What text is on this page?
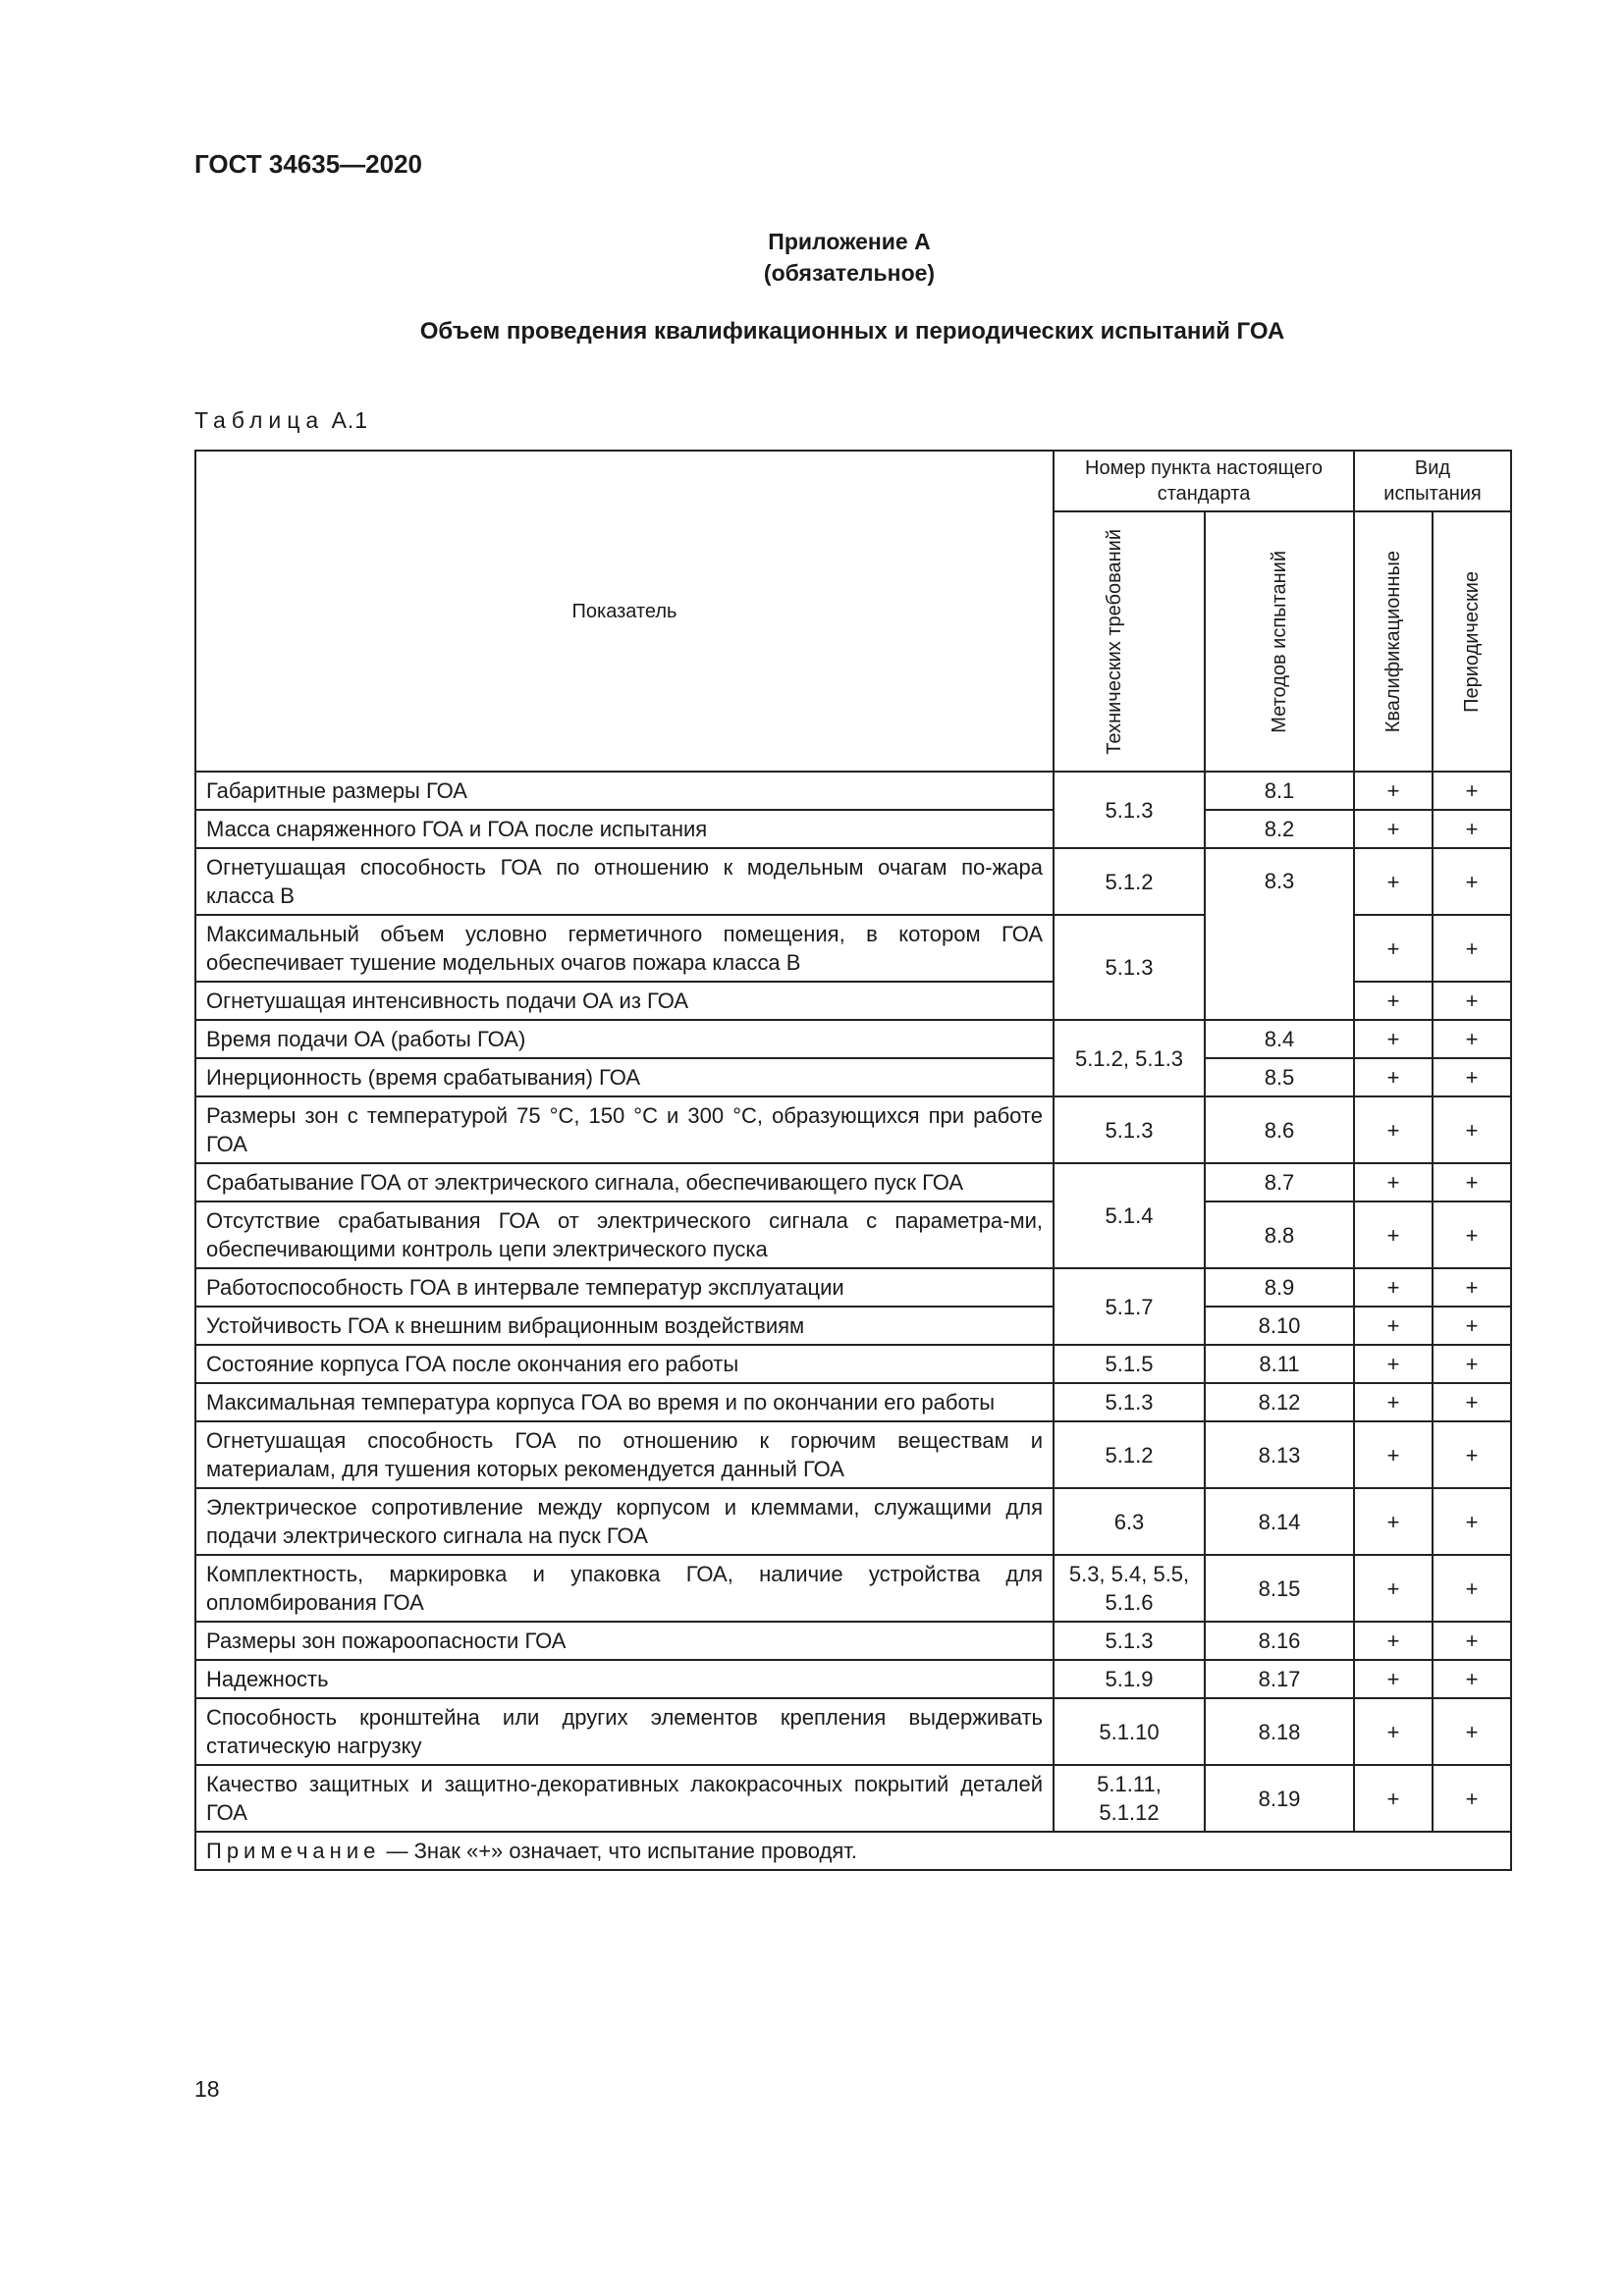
ГОСТ 34635—2020
Приложение А
(обязательное)
Объем проведения квалификационных и периодических испытаний ГОА
Таблица А.1
Показатель	Номер пункта настоящего стандарта		Вид испытания	

	Технических требований	Методов испытаний	Квалификационные	Периодические

Габаритные размеры ГОА	5.1.3	8.1	+	+
Масса снаряженного ГОА и ГОА после испытания		8.2	+	+
Огнетушащая способность ГОА по отношению к модельным очагам по-жара класса В	5.1.2	8.3	+	+
Максимальный объем условно герметичного помещения, в котором ГОА обеспечивает тушение модельных очагов пожара класса В	5.1.3		+	+
Огнетушащая интенсивность подачи ОА из ГОА			+	+
Время подачи ОА (работы ГОА)	5.1.2, 5.1.3	8.4	+	+
Инерционность (время срабатывания) ГОА		8.5	+	+
Размеры зон с температурой 75 °С, 150 °С и 300 °С, образующихся при работе ГОА	5.1.3	8.6	+	+
Срабатывание ГОА от электрического сигнала, обеспечивающего пуск ГОА	5.1.4	8.7	+	+
Отсутствие срабатывания ГОА от электрического сигнала с параметра-ми, обеспечивающими контроль цепи электрического пуска		8.8	+	+
Работоспособность ГОА в интервале температур эксплуатации	5.1.7	8.9	+	+
Устойчивость ГОА к внешним вибрационным воздействиям		8.10	+	+
Состояние корпуса ГОА после окончания его работы	5.1.5	8.11	+	+
Максимальная температура корпуса ГОА во время и по окончании его работы	5.1.3	8.12	+	+
Огнетушащая способность ГОА по отношению к горючим веществам и материалам, для тушения которых рекомендуется данный ГОА	5.1.2	8.13	+	+
Электрическое сопротивление между корпусом и клеммами, служащими для подачи электрического сигнала на пуск ГОА	6.3	8.14	+	+
Комплектность, маркировка и упаковка ГОА, наличие устройства для опломбирования ГОА	5.3, 5.4, 5.5, 5.1.6	8.15	+	+
Размеры зон пожароопасности ГОА	5.1.3	8.16	+	+
Надежность	5.1.9	8.17	+	+
Способность кронштейна или других элементов крепления выдерживать статическую нагрузку	5.1.10	8.18	+	+
Качество защитных и защитно-декоративных лакокрасочных покрытий деталей ГОА	5.1.11, 5.1.12	8.19	+	+
Примечание — Знак «+» означает, что испытание проводят.				
18
